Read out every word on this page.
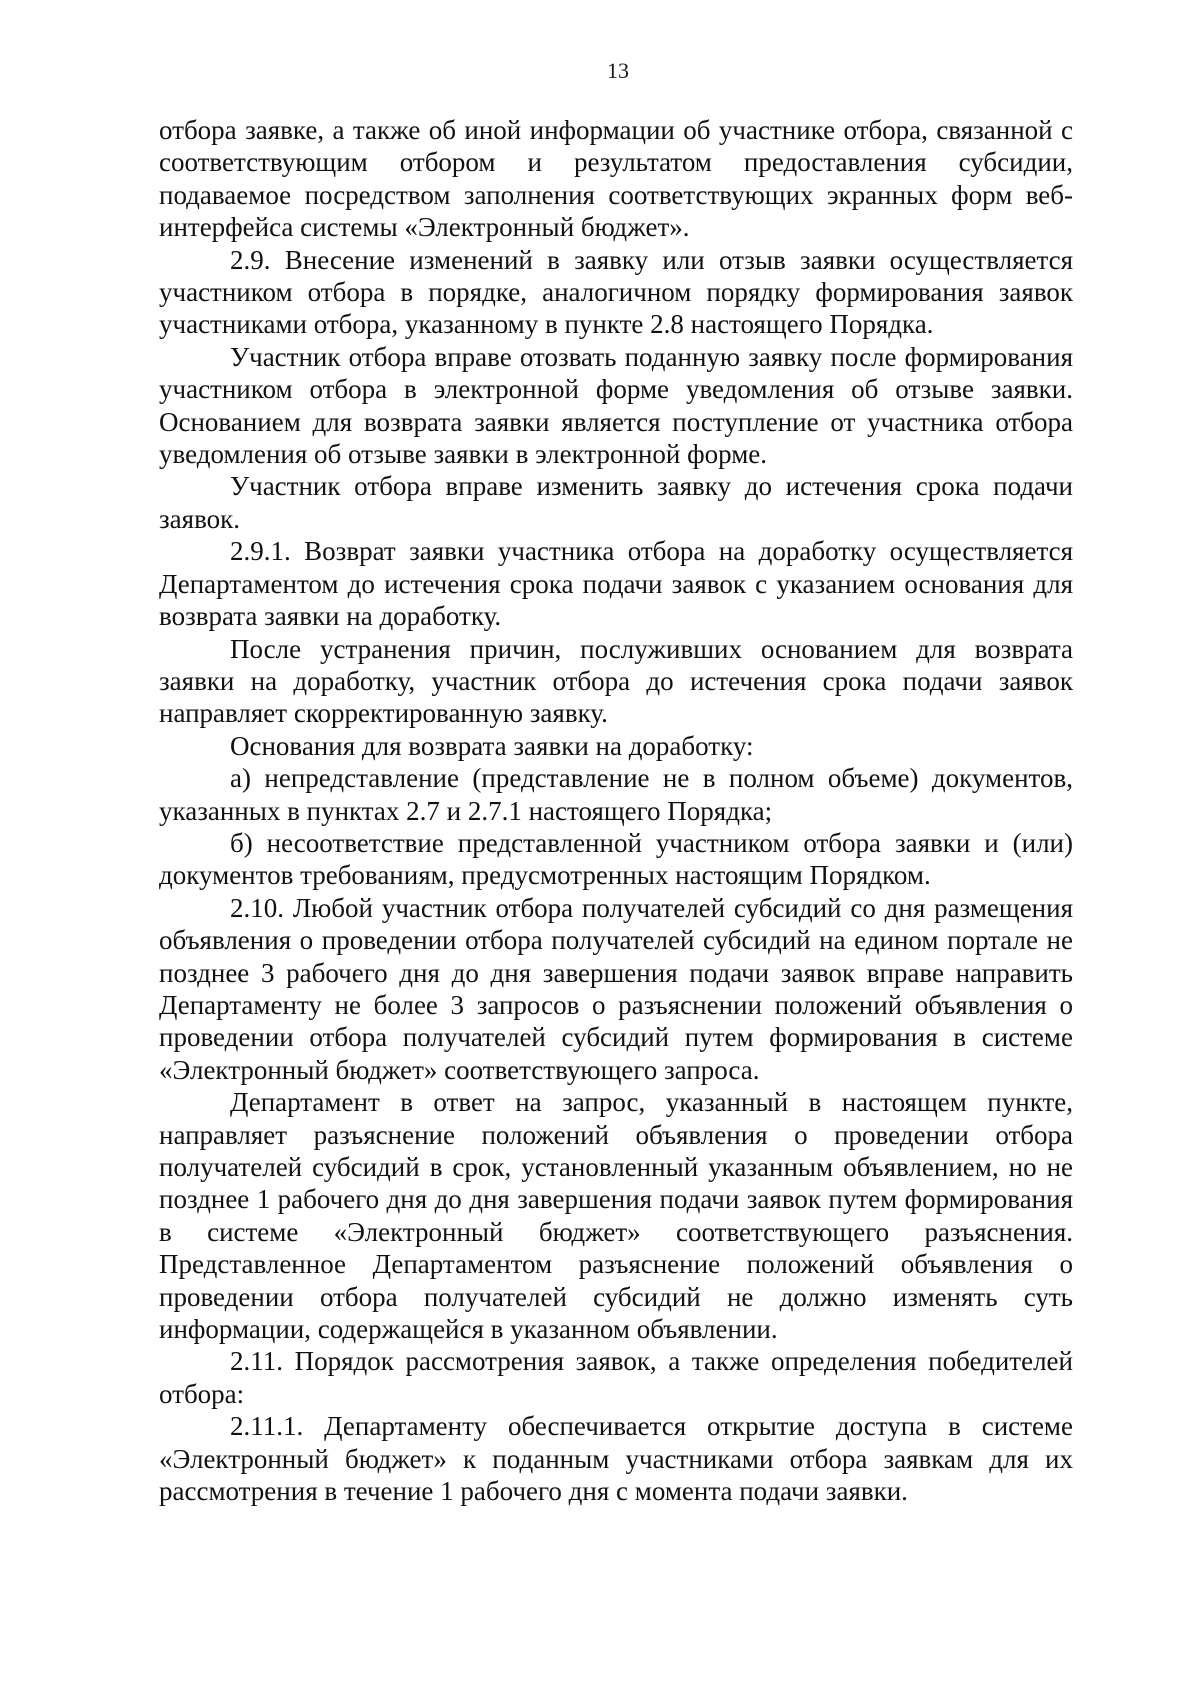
13

отбора заявке, а также об иной информации об участнике отбора, связанной с соответствующим отбором и результатом предоставления субсидии, подаваемое посредством заполнения соответствующих экранных форм веб-интерфейса системы «Электронный бюджет».

2.9. Внесение изменений в заявку или отзыв заявки осуществляется участником отбора в порядке, аналогичном порядку формирования заявок участниками отбора, указанному в пункте 2.8 настоящего Порядка.

Участник отбора вправе отозвать поданную заявку после формирования участником отбора в электронной форме уведомления об отзыве заявки. Основанием для возврата заявки является поступление от участника отбора уведомления об отзыве заявки в электронной форме.

Участник отбора вправе изменить заявку до истечения срока подачи заявок.

2.9.1. Возврат заявки участника отбора на доработку осуществляется Департаментом до истечения срока подачи заявок с указанием основания для возврата заявки на доработку.

После устранения причин, послуживших основанием для возврата заявки на доработку, участник отбора до истечения срока подачи заявок направляет скорректированную заявку.

Основания для возврата заявки на доработку:

а) непредставление (представление не в полном объеме) документов, указанных в пунктах 2.7 и 2.7.1 настоящего Порядка;

б) несоответствие представленной участником отбора заявки и (или) документов требованиям, предусмотренных настоящим Порядком.

2.10. Любой участник отбора получателей субсидий со дня размещения объявления о проведении отбора получателей субсидий на едином портале не позднее 3 рабочего дня до дня завершения подачи заявок вправе направить Департаменту не более 3 запросов о разъяснении положений объявления о проведении отбора получателей субсидий путем формирования в системе «Электронный бюджет» соответствующего запроса.

Департамент в ответ на запрос, указанный в настоящем пункте, направляет разъяснение положений объявления о проведении отбора получателей субсидий в срок, установленный указанным объявлением, но не позднее 1 рабочего дня до дня завершения подачи заявок путем формирования в системе «Электронный бюджет» соответствующего разъяснения. Представленное Департаментом разъяснение положений объявления о проведении отбора получателей субсидий не должно изменять суть информации, содержащейся в указанном объявлении.

2.11. Порядок рассмотрения заявок, а также определения победителей отбора:

2.11.1. Департаменту обеспечивается открытие доступа в системе «Электронный бюджет» к поданным участниками отбора заявкам для их рассмотрения в течение 1 рабочего дня с момента подачи заявки.
